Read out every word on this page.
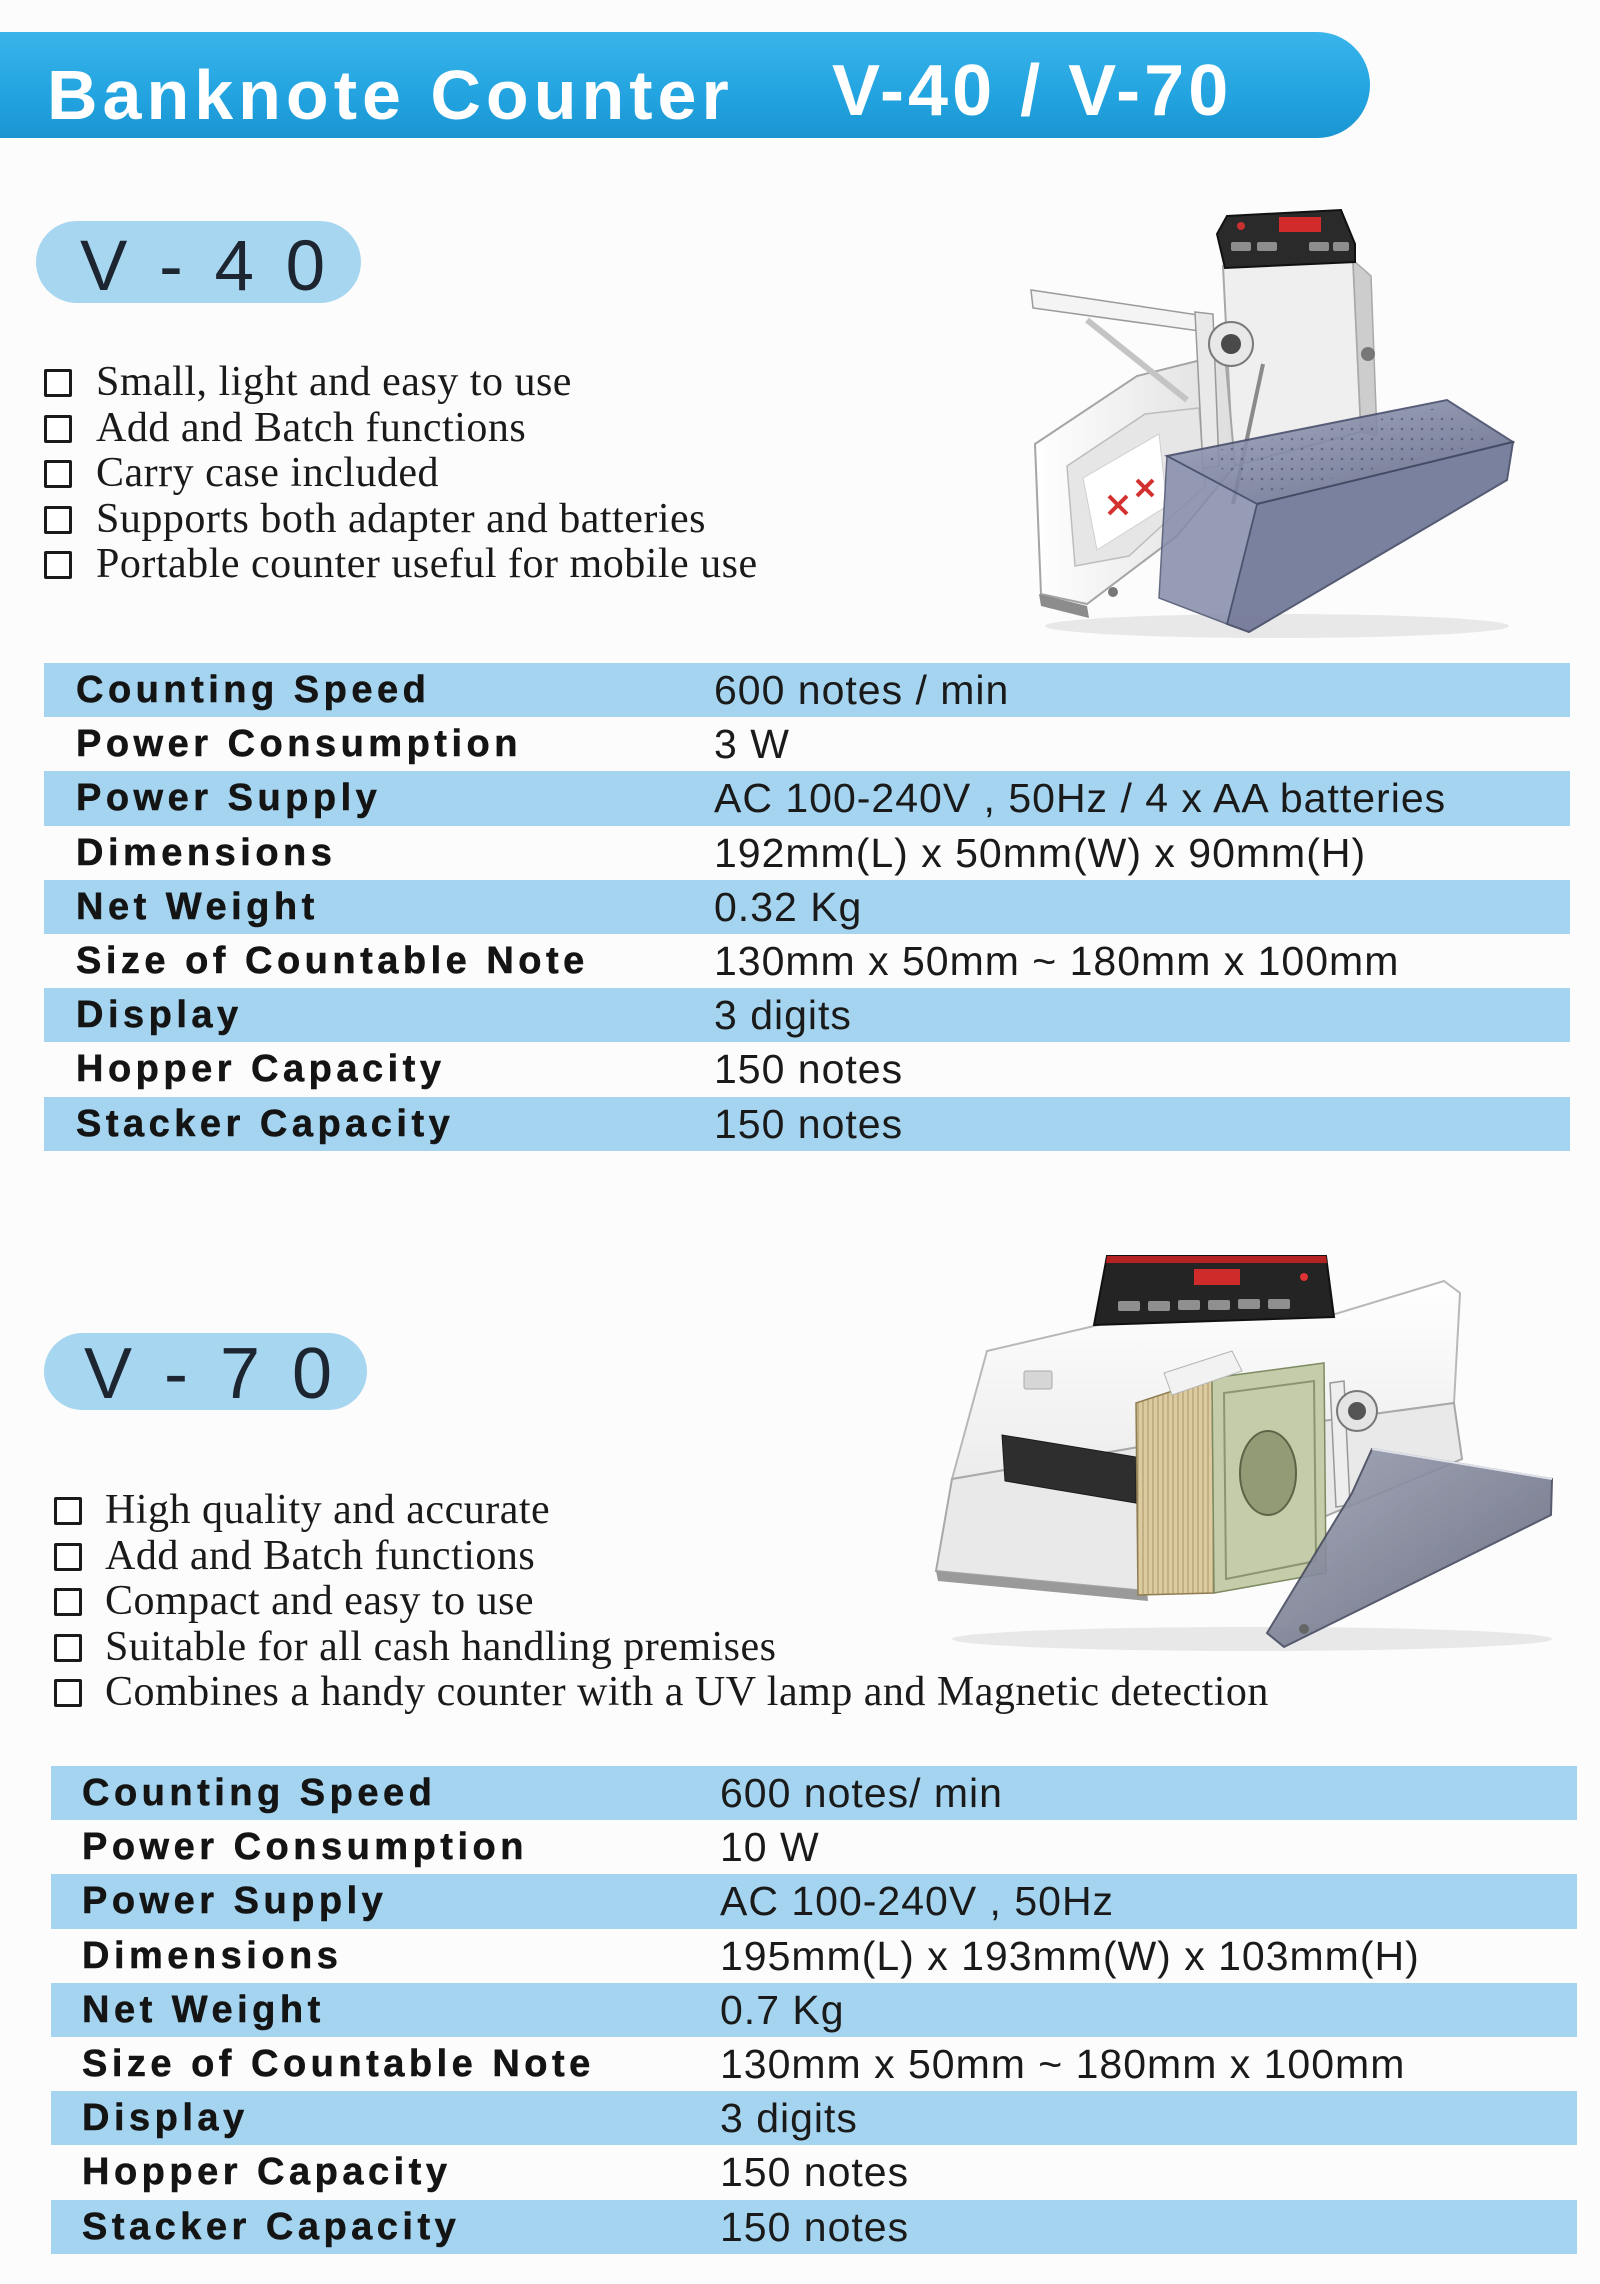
Banknote Counter V-40 / V-70
V - 4 0
Small, light and easy to use
Add and Batch functions
Carry case included
Supports both adapter and batteries
Portable counter useful for mobile use
Counting Speed	600 notes / min
Power Consumption	3 W
Power Supply	AC 100-240V , 50Hz / 4 x AA batteries
Dimensions	192mm(L) x 50mm(W) x 90mm(H)
Net Weight	0.32 Kg
Size of Countable Note	130mm x 50mm ~ 180mm x 100mm
Display	3 digits
Hopper Capacity	150 notes
Stacker Capacity	150 notes
V - 7 0
High quality and accurate
Add and Batch functions
Compact and easy to use
Suitable for all cash handling premises
Combines a handy counter with a UV lamp and Magnetic detection
Counting Speed	600 notes/ min
Power Consumption	10 W
Power Supply	AC 100-240V , 50Hz
Dimensions	195mm(L) x 193mm(W) x 103mm(H)
Net Weight	0.7 Kg
Size of Countable Note	130mm x 50mm ~ 180mm x 100mm
Display	3 digits
Hopper Capacity	150 notes
Stacker Capacity	150 notes
